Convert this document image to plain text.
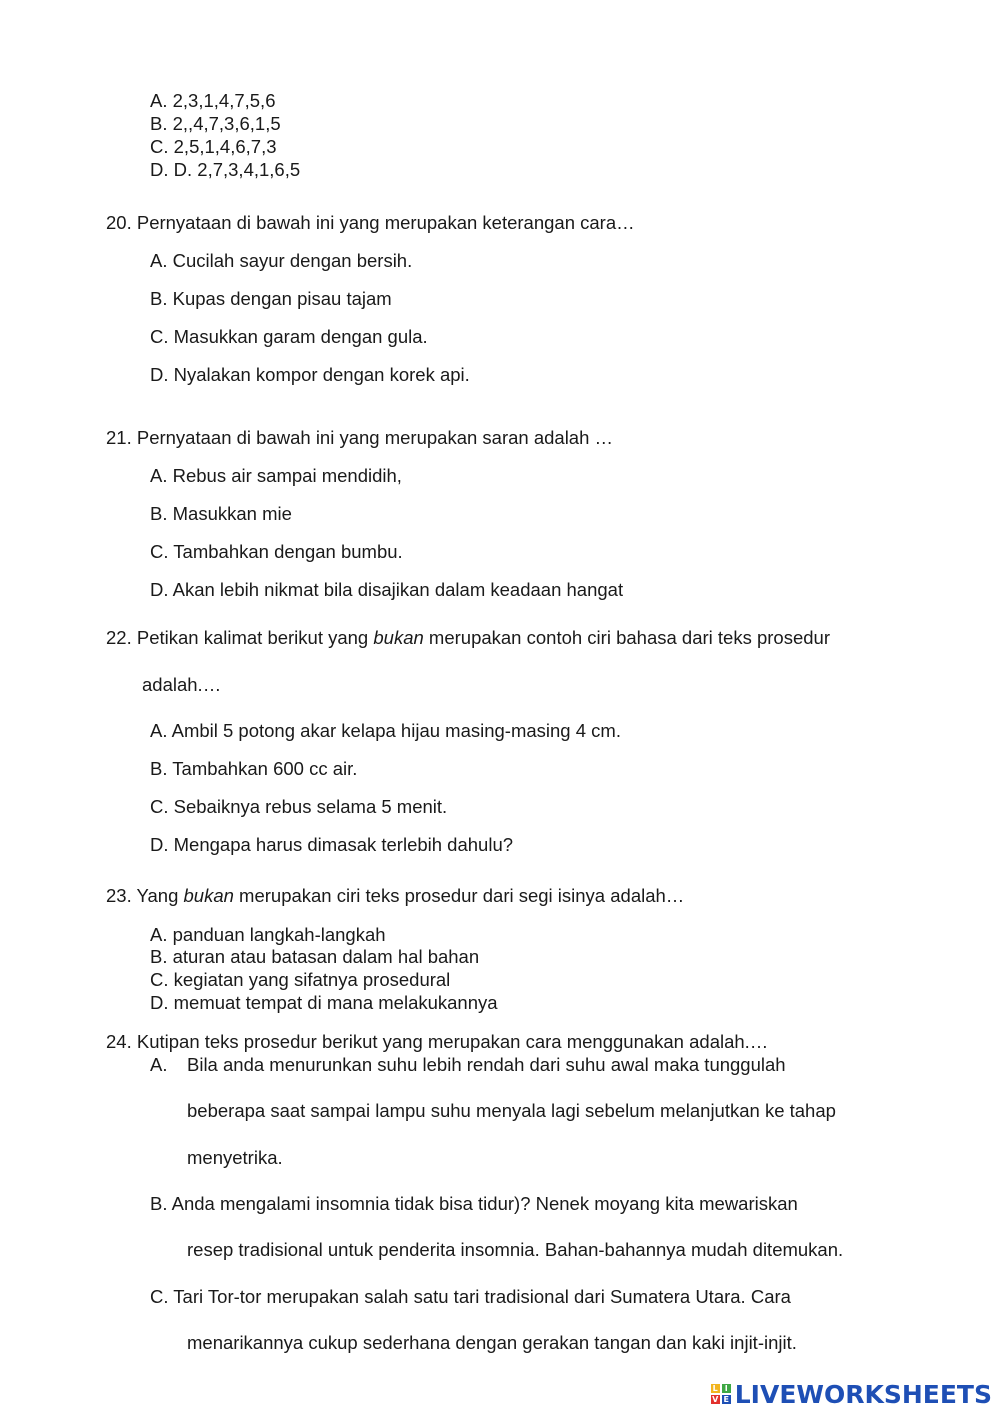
A. 2,3,1,4,7,5,6
B. 2,,4,7,3,6,1,5
C. 2,5,1,4,6,7,3
D. D. 2,7,3,4,1,6,5
20. Pernyataan di bawah ini yang merupakan keterangan cara…
A. Cucilah sayur dengan bersih.
B. Kupas dengan pisau tajam
C. Masukkan garam dengan gula.
D. Nyalakan kompor dengan korek api.
21. Pernyataan di bawah ini yang merupakan saran adalah …
A. Rebus air sampai mendidih,
B. Masukkan mie
C. Tambahkan dengan bumbu.
D. Akan lebih nikmat bila disajikan dalam keadaan hangat
22. Petikan kalimat berikut yang bukan merupakan contoh ciri bahasa dari teks prosedur
adalah.…
A. Ambil 5 potong akar kelapa hijau masing-masing 4 cm.
B. Tambahkan 600 cc air.
C. Sebaiknya rebus selama 5 menit.
D. Mengapa harus dimasak terlebih dahulu?
23. Yang bukan merupakan ciri teks prosedur dari segi isinya adalah…
A. panduan langkah-langkah
B. aturan atau batasan dalam hal bahan
C. kegiatan yang sifatnya prosedural
D. memuat tempat di mana melakukannya
24. Kutipan teks prosedur berikut yang merupakan cara menggunakan adalah.…
A. Bila anda menurunkan suhu lebih rendah dari suhu awal maka tunggulah
beberapa saat sampai lampu suhu menyala lagi sebelum melanjutkan ke tahap
menyetrika.
B. Anda mengalami insomnia tidak bisa tidur)? Nenek moyang kita mewariskan
resep tradisional untuk penderita insomnia. Bahan-bahannya mudah ditemukan.
C. Tari Tor-tor merupakan salah satu tari tradisional dari Sumatera Utara. Cara
menarikannya cukup sederhana dengan gerakan tangan dan kaki injit-injit.
L I
V E LIVEWORKSHEETS
